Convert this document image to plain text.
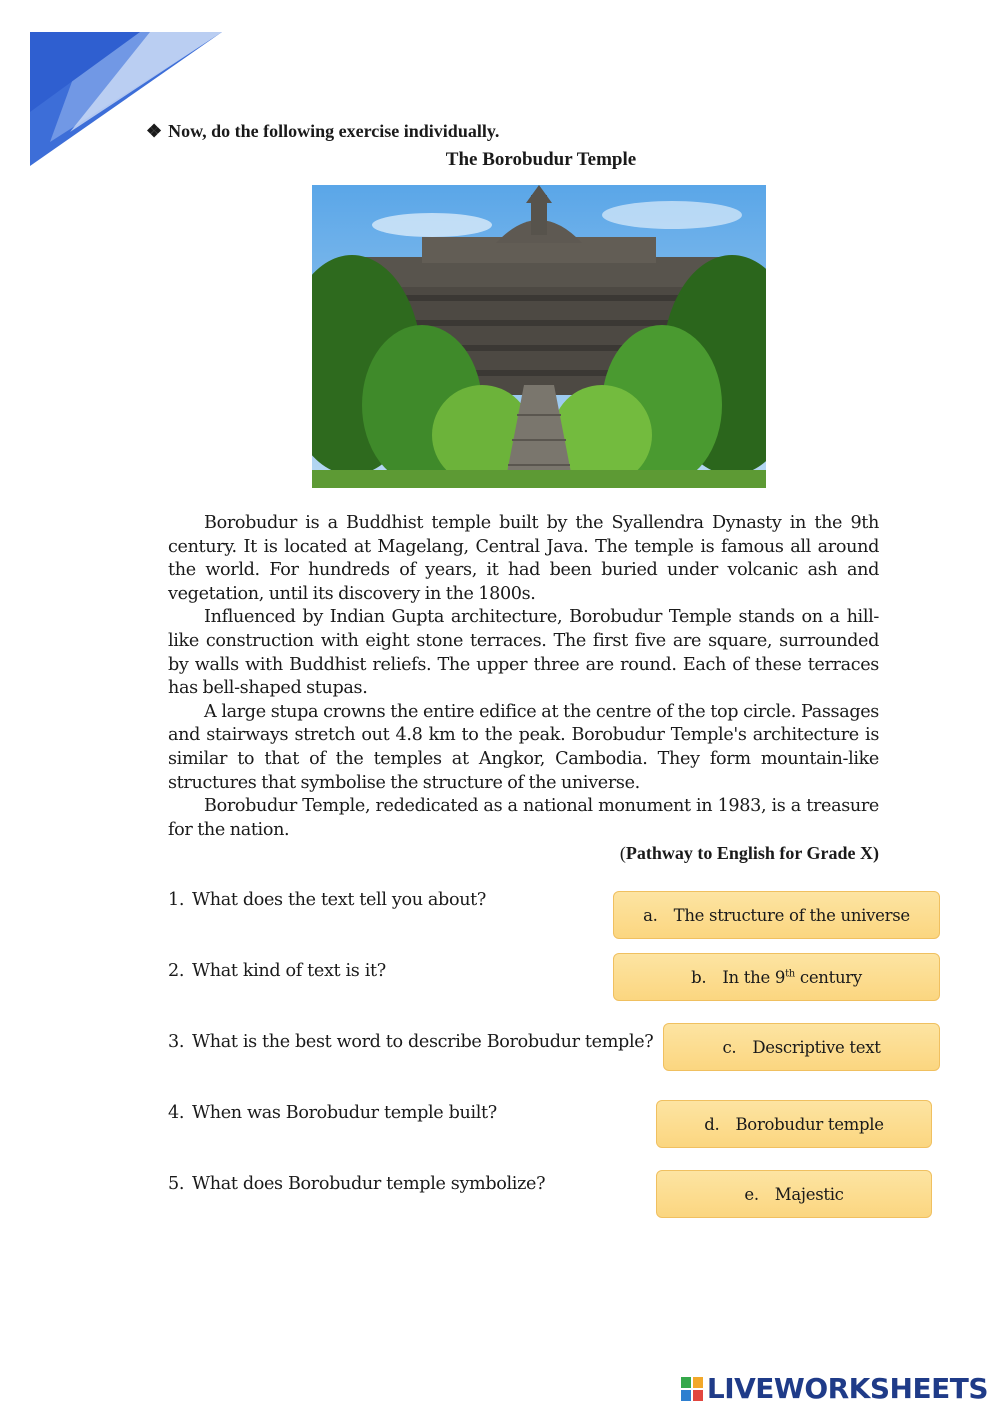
❖ Now, do the following exercise individually.
The Borobudur Temple

Borobudur is a Buddhist temple built by the Syallendra Dynasty in the 9th century. It is located at Magelang, Central Java. The temple is famous all around the world. For hundreds of years, it had been buried under volcanic ash and vegetation, until its discovery in the 1800s.

Influenced by Indian Gupta architecture, Borobudur Temple stands on a hill-like construction with eight stone terraces. The first five are square, surrounded by walls with Buddhist reliefs. The upper three are round. Each of these terraces has bell-shaped stupas.

A large stupa crowns the entire edifice at the centre of the top circle. Passages and stairways stretch out 4.8 km to the peak. Borobudur Temple's architecture is similar to that of the temples at Angkor, Cambodia. They form mountain-like structures that symbolise the structure of the universe.

Borobudur Temple, rededicated as a national monument in 1983, is a treasure for the nation.

(Pathway to English for Grade X)
1. What does the text tell you about?
2. What kind of text is it?
3. What is the best word to describe Borobudur temple?
4. When was Borobudur temple built?
5. What does Borobudur temple symbolize?
a. The structure of the universe
b. In the 9th century
c. Descriptive text
d. Borobudur temple
e. Majestic
LIVEWORKSHEETS
